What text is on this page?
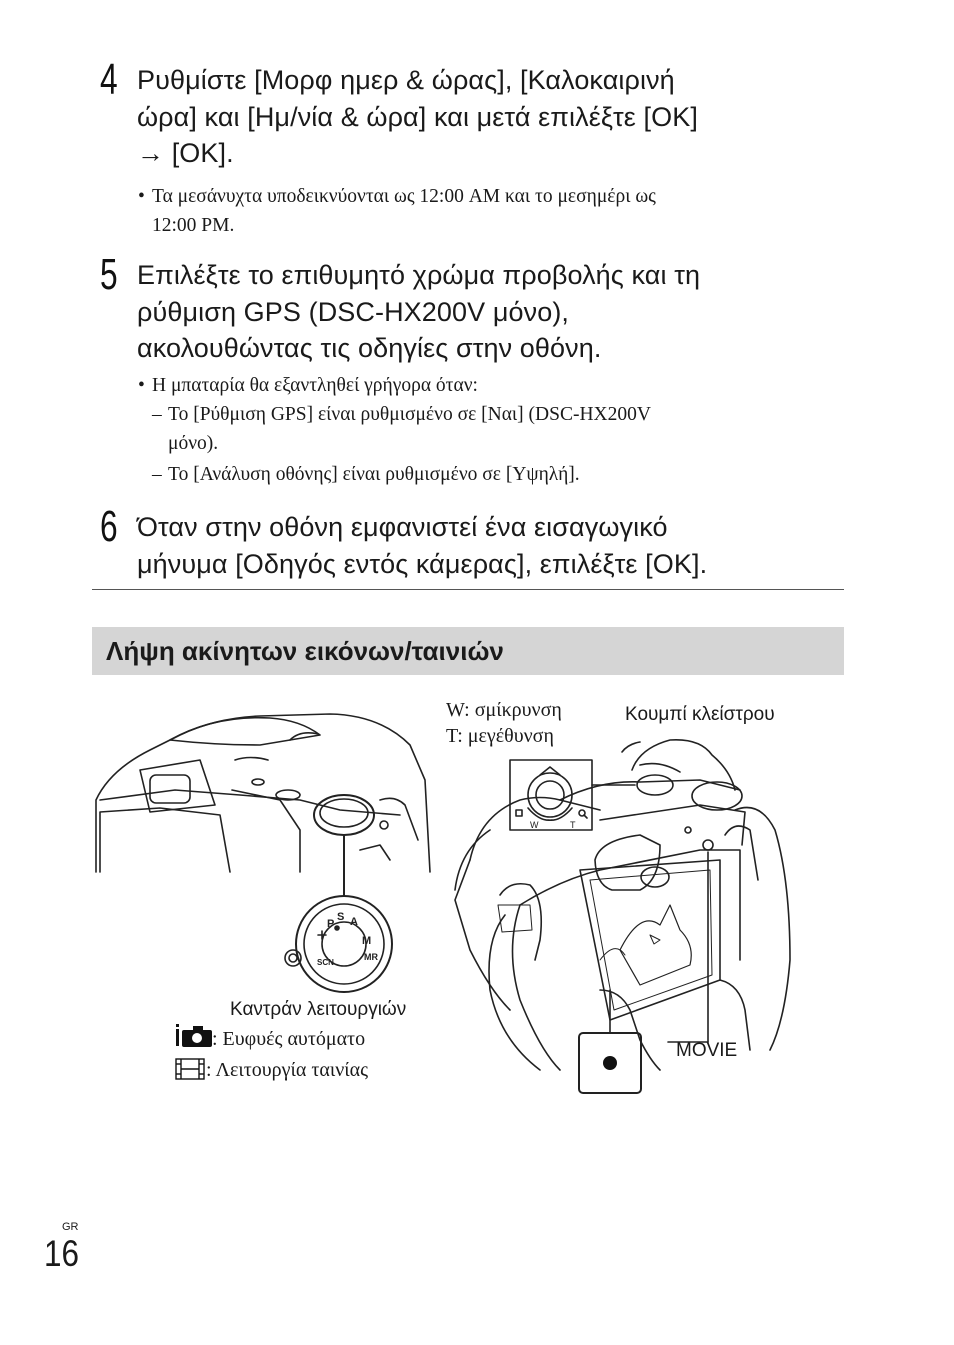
4 Ρυθμίστε [Μορφ ημερ & ώρας], [Καλοκαιρινή
ώρα] και [Ημ/νία & ώρα] και μετά επιλέξτε [OK]
→ [OK].
• Τα μεσάνυχτα υποδεικνύονται ως 12:00 AM και το μεσημέρι ως
12:00 PM.
5 Επιλέξτε το επιθυμητό χρώμα προβολής και τη
ρύθμιση GPS (DSC-HX200V μόνο),
ακολουθώντας τις οδηγίες στην οθόνη.
• Η μπαταρία θα εξαντληθεί γρήγορα όταν:
– Το [Ρύθμιση GPS] είναι ρυθμισμένο σε [Ναι] (DSC-HX200V
μόνο).
– Το [Ανάλυση οθόνης] είναι ρυθμισμένο σε [Υψηλή].
6 Όταν στην οθόνη εμφανιστεί ένα εισαγωγικό
μήνυμα [Οδηγός εντός κάμερας], επιλέξτε [OK].
Λήψη ακίνητων εικόνων/ταινιών
S A
P
M
MR
SCN
W	T
W: σμίκρυνση
T: μεγέθυνση
Κουμπί κλείστρου
Καντράν λειτουργιών
: Ευφυές αυτόματο
: Λειτουργία ταινίας
MOVIE
GR
16
